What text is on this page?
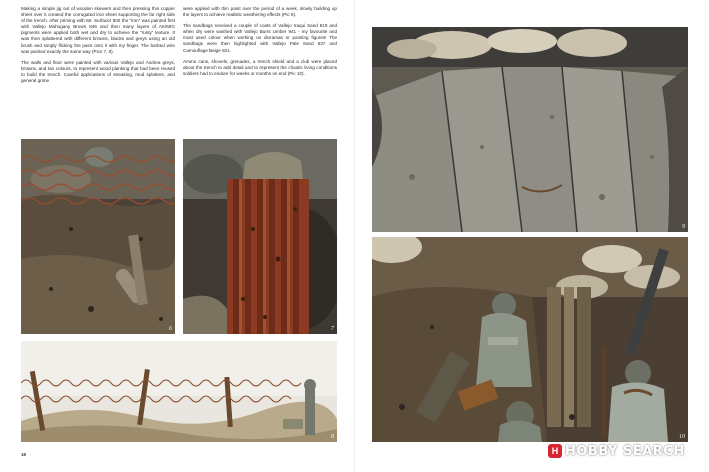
Making a simple jig out of wooden skewers and then pressing thin copper sheet over it created the corrugated iron sheet supporting the far right side of the trench. After priming with Mr. Surfacer 500 the “iron” was painted first with Vallejo Mahogany Brown 846 and then many layers of AK/MIG pigments were applied both wet and dry to achieve the “rusty” texture. It was then splattered with different browns, blacks and greys using an old brush and simply flicking the paint onto it with my finger. The barbed wire was painted exactly the same way (Pics 7, 8).

The walls and floor were painted with various Vallejo and Andrea greys, browns, and tan colours, to represent wood planking that had been reused to build the trench. Careful applications of streaking, mud splatters, and general grime

were applied with thin paint over the period of a week, slowly building up the layers to achieve realistic weathering effects (Pic 9).

The sandbags received a couple of coats of Vallejo Iraqui Sand 819 and when dry were washed with Vallejo Burnt Umber 941 - my favourite and most used colour when working on dioramas or painting figures! The sandbags were then highlighted with Vallejo Pale Sand 837 and Camouflage Beige 821.

Ammo cans, shovels, grenades, a trench shield and a club were placed about the trench to add detail and to represent the chaotic living conditions soldiers had to endure for weeks or months on end (Pic 10).

6	7
8
16
9
10
H HOBBY SEARCH
